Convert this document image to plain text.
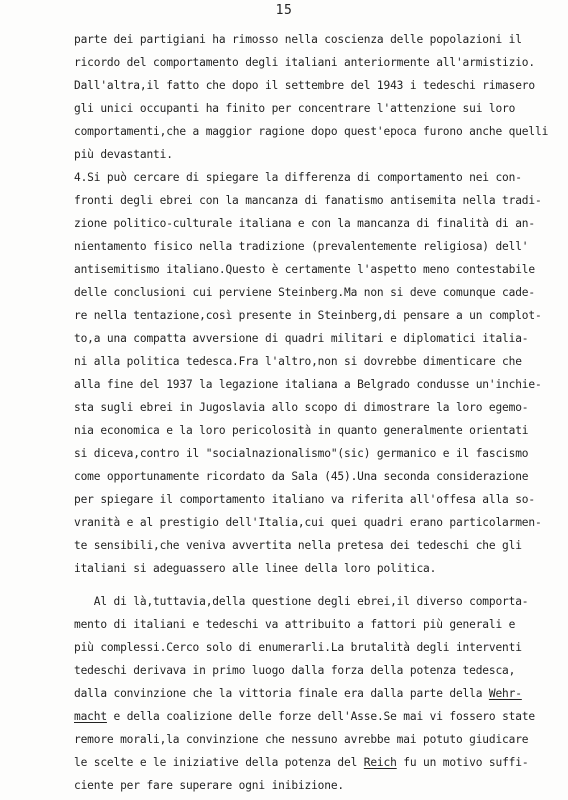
15
parte dei partigiani ha rimosso nella coscienza delle popolazioni il
ricordo del comportamento degli italiani anteriormente all'armistizio.
Dall'altra,il fatto che dopo il settembre del 1943 i tedeschi rimasero
gli unici occupanti ha finito per concentrare l'attenzione sui loro
comportamenti,che a maggior ragione dopo quest'epoca furono anche quelli
più devastanti.
4.Si può cercare di spiegare la differenza di comportamento nei con-
fronti degli ebrei con la mancanza di fanatismo antisemita nella tradi-
zione politico-culturale italiana e con la mancanza di finalità di an-
nientamento fisico nella tradizione (prevalentemente religiosa) dell'
antisemitismo italiano.Questo è certamente l'aspetto meno contestabile
delle conclusioni cui perviene Steinberg.Ma non si deve comunque cade-
re nella tentazione,così presente in Steinberg,di pensare a un complot-
to,a una compatta avversione di quadri militari e diplomatici italia-
ni alla politica tedesca.Fra l'altro,non si dovrebbe dimenticare che
alla fine del 1937 la legazione italiana a Belgrado condusse un'inchie-
sta sugli ebrei in Jugoslavia allo scopo di dimostrare la loro egemo-
nia economica e la loro pericolosità in quanto generalmente orientati
si diceva,contro il "socialnazionalismo"(sic) germanico e il fascismo
come opportunamente ricordato da Sala (45).Una seconda considerazione
per spiegare il comportamento italiano va riferita all'offesa alla so-
vranità e al prestigio dell'Italia,cui quei quadri erano particolarmen-
te sensibili,che veniva avvertita nella pretesa dei tedeschi che gli
italiani si adeguassero alle linee della loro politica.
Al di là,tuttavia,della questione degli ebrei,il diverso comporta-
mento di italiani e tedeschi va attribuito a fattori più generali e
più complessi.Cerco solo di enumerarli.La brutalità degli interventi
tedeschi derivava in primo luogo dalla forza della potenza tedesca,
dalla convinzione che la vittoria finale era dalla parte della Wehr-
macht e della coalizione delle forze dell'Asse.Se mai vi fossero state
remore morali,la convinzione che nessuno avrebbe mai potuto giudicare
le scelte e le iniziative della potenza del Reich fu un motivo suffi-
ciente per fare superare ogni inibizione.
